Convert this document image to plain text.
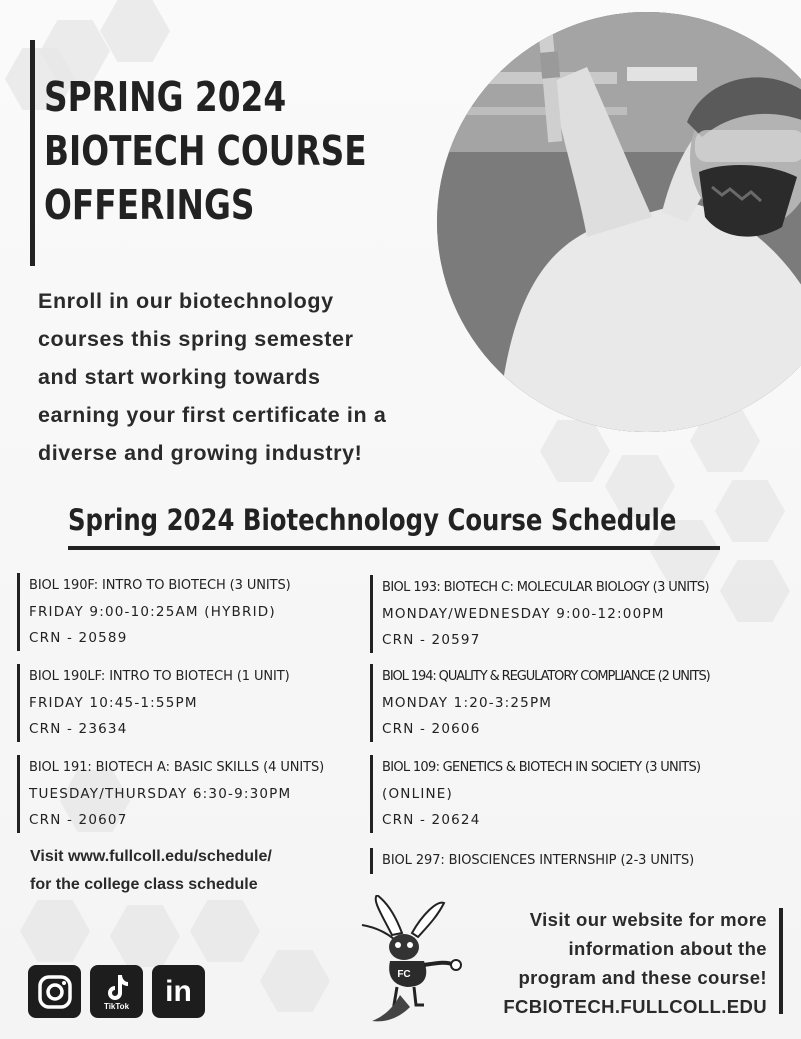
SPRING 2024
BIOTECH COURSE
OFFERINGS
Enroll in our biotechnology
courses this spring semester
and start working towards
earning your first certificate in a
diverse and growing industry!
Spring 2024 Biotechnology Course Schedule
BIOL 190F: INTRO TO BIOTECH (3 UNITS)
FRIDAY 9:00-10:25AM (HYBRID)
CRN - 20589
BIOL 190LF: INTRO TO BIOTECH (1 UNIT)
FRIDAY 10:45-1:55PM
CRN - 23634
BIOL 191: BIOTECH A: BASIC SKILLS (4 UNITS)
TUESDAY/THURSDAY 6:30-9:30PM
CRN - 20607
BIOL 193: BIOTECH C: MOLECULAR BIOLOGY (3 UNITS)
MONDAY/WEDNESDAY 9:00-12:00PM
CRN - 20597
BIOL 194: QUALITY & REGULATORY COMPLIANCE (2 UNITS)
MONDAY 1:20-3:25PM
CRN - 20606
BIOL 109: GENETICS & BIOTECH IN SOCIETY (3 UNITS)
(ONLINE)
CRN - 20624
BIOL 297: BIOSCIENCES INTERNSHIP (2-3 UNITS)
Visit www.fullcoll.edu/schedule/
for the college class schedule
TikTok in	FC
Visit our website for more
information about the
program and these course!
FCBIOTECH.FULLCOLL.EDU
